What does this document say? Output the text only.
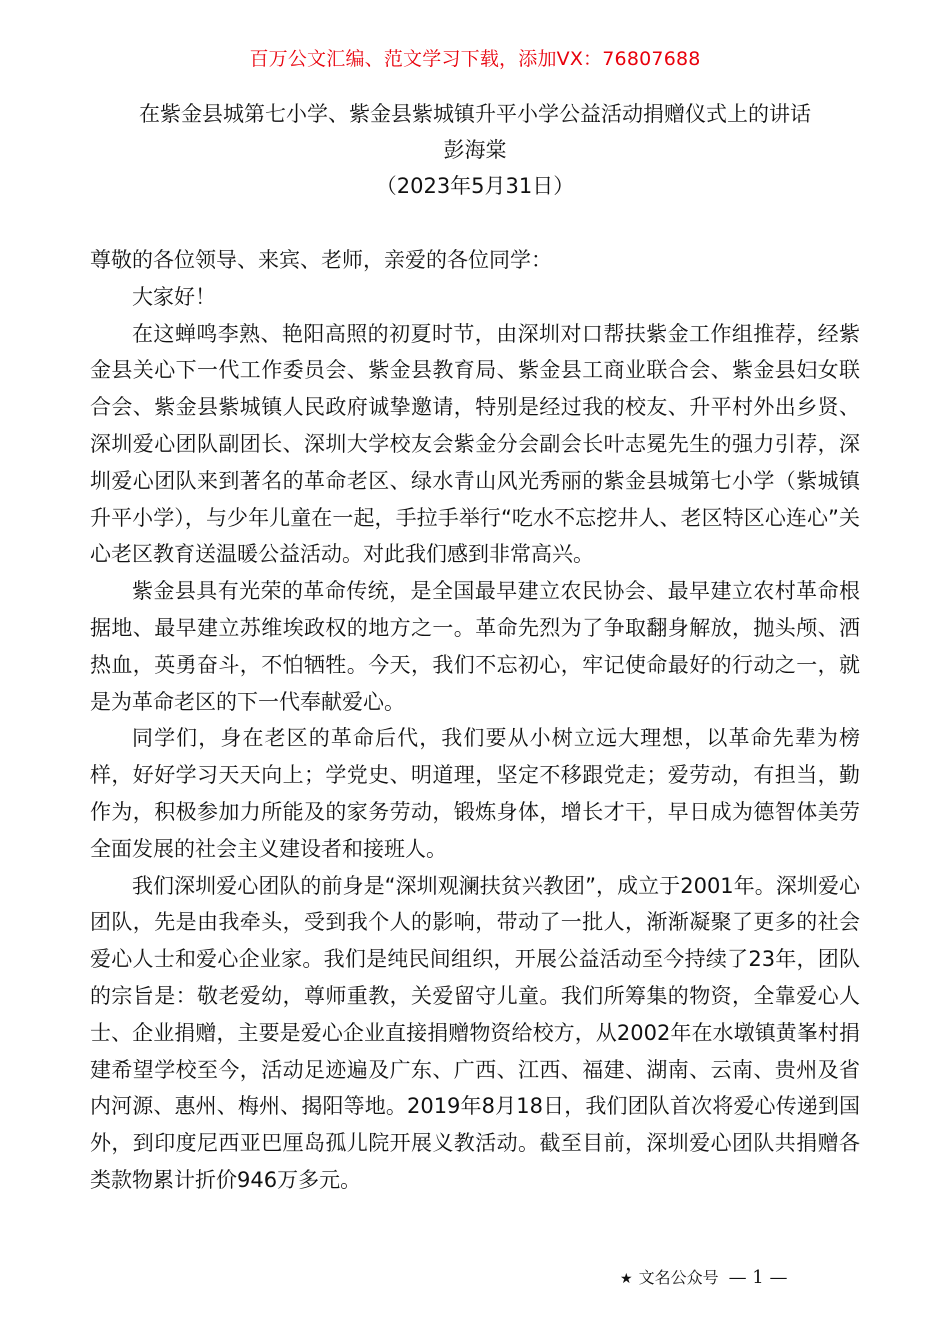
百万公文汇编、范文学习下载，添加VX：76807688
在紫金县城第七小学、紫金县紫城镇升平小学公益活动捐赠仪式上的讲话
彭海棠
（2023年5月31日）

尊敬的各位领导、来宾、老师，亲爱的各位同学：

大家好！

在这蝉鸣李熟、艳阳高照的初夏时节，由深圳对口帮扶紫金工作组推荐，经紫金县关心下一代工作委员会、紫金县教育局、紫金县工商业联合会、紫金县妇女联合会、紫金县紫城镇人民政府诚挚邀请，特别是经过我的校友、升平村外出乡贤、深圳爱心团队副团长、深圳大学校友会紫金分会副会长叶志冕先生的强力引荐，深圳爱心团队来到著名的革命老区、绿水青山风光秀丽的紫金县城第七小学（紫城镇升平小学），与少年儿童在一起，手拉手举行“吃水不忘挖井人、老区特区心连心”关心老区教育送温暖公益活动。对此我们感到非常高兴。

紫金县具有光荣的革命传统，是全国最早建立农民协会、最早建立农村革命根据地、最早建立苏维埃政权的地方之一。革命先烈为了争取翻身解放，抛头颅、洒热血，英勇奋斗，不怕牺牲。今天，我们不忘初心，牢记使命最好的行动之一，就是为革命老区的下一代奉献爱心。

同学们，身在老区的革命后代，我们要从小树立远大理想，以革命先辈为榜样，好好学习天天向上；学党史、明道理，坚定不移跟党走；爱劳动，有担当，勤作为，积极参加力所能及的家务劳动，锻炼身体，增长才干，早日成为德智体美劳全面发展的社会主义建设者和接班人。

我们深圳爱心团队的前身是“深圳观澜扶贫兴教团”，成立于2001年。深圳爱心团队，先是由我牵头，受到我个人的影响，带动了一批人，渐渐凝聚了更多的社会爱心人士和爱心企业家。我们是纯民间组织，开展公益活动至今持续了23年，团队的宗旨是：敬老爱幼，尊师重教，关爱留守儿童。我们所筹集的物资，全靠爱心人士、企业捐赠，主要是爱心企业直接捐赠物资给校方，从2002年在水墩镇黄峯村捐建希望学校至今，活动足迹遍及广东、广西、江西、福建、湖南、云南、贵州及省内河源、惠州、梅州、揭阳等地。2019年8月18日，我们团队首次将爱心传递到国外，到印度尼西亚巴厘岛孤儿院开展义教活动。截至目前，深圳爱心团队共捐赠各类款物累计折价946万多元。

★ 文名公众号 — 1 —
